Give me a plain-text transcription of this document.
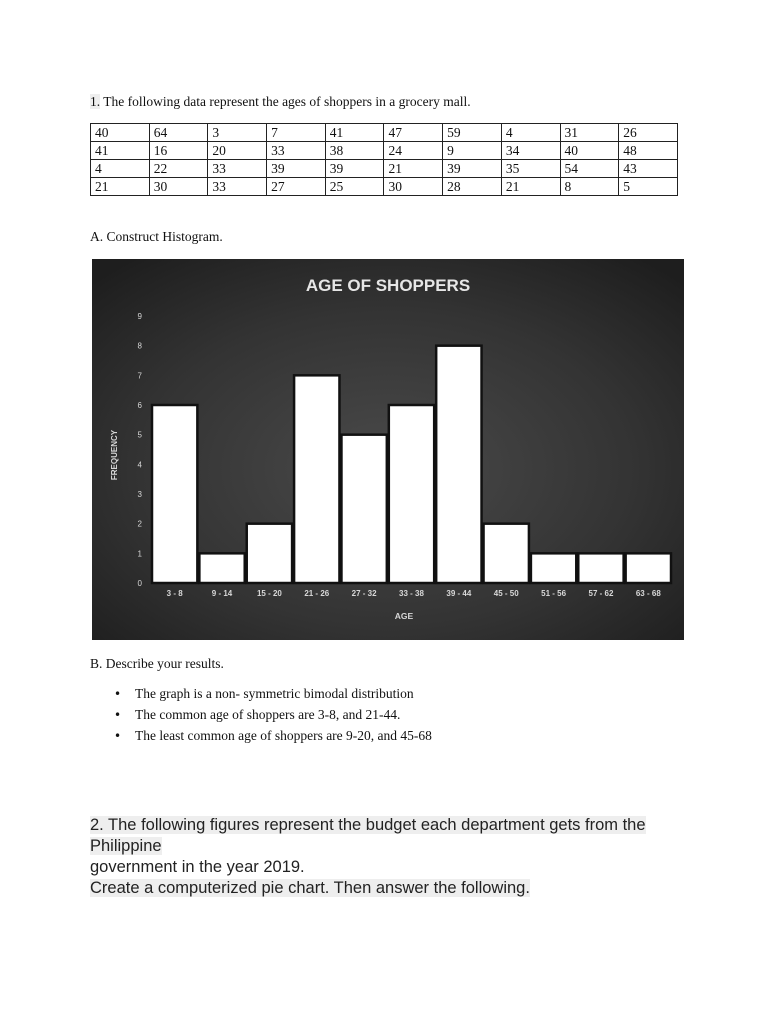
1. The following data represent the ages of shoppers in a grocery mall.
40	64	3	7	41	47	59	4	31	26
41	16	20	33	38	24	9	34	40	48
4	22	33	39	39	21	39	35	54	43
21	30	33	27	25	30	28	21	8	5
A. Construct Histogram.
AGE OF SHOPPERS
0
1
2
3
4
5
6
7
8
9
3 - 8	9 - 14	15 - 20	21 - 26	27 - 32	33 - 38	39 - 44	45 - 50	51 - 56	57 - 62	63 - 68
FREQUENCY
AGE
B. Describe your results.
• The graph is a non- symmetric bimodal distribution
• The common age of shoppers are 3-8, and 21-44.
• The least common age of shoppers are 9-20, and 45-68
2. The following figures represent the budget each department gets from the Philippine
government in the year 2019.
Create a computerized pie chart. Then answer the following.
